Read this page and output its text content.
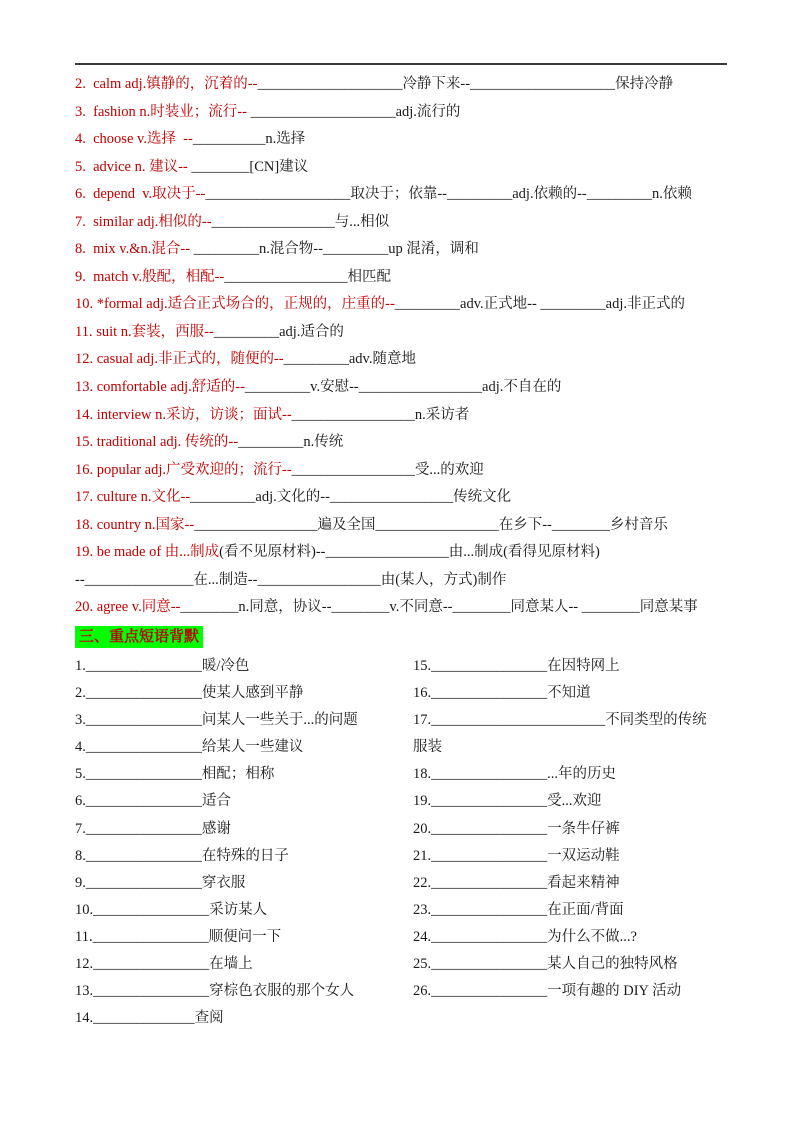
2.  calm adj.镇静的，沉着的--____________________冷静下来--____________________保持冷静
3.  fashion n.时装业；流行-- ____________________adj.流行的
4.  choose v.选择  --__________n.选择
5.  advice n. 建议-- ________[CN]建议
6.  depend  v.取决于--____________________取决于；依靠--_________adj.依赖的--_________n.依赖
7.  similar adj.相似的--_________________与...相似
8.  mix v.&n.混合-- _________n.混合物--_________up 混淆，调和
9.  match v.般配，相配--_________________相匹配
10. *formal adj.适合正式场合的，正规的，庄重的--_________adv.正式地-- _________adj.非正式的
11. suit n.套装，西服--_________adj.适合的
12. casual adj.非正式的，随便的--_________adv.随意地
13. comfortable adj.舒适的--_________v.安慰--_________________adj.不自在的
14. interview n.采访，访谈；面试--_________________n.采访者
15. traditional adj. 传统的--_________n.传统
16. popular adj.广受欢迎的；流行--_________________受...的欢迎
17. culture n.文化--_________adj.文化的--_________________传统文化
18. country n.国家--_________________遍及全国_________________在乡下--________乡村音乐
19. be made of 由...制成(看不见原材料)--_________________由...制成(看得见原材料)
--_______________在...制造--_________________由(某人，方式)制作
20. agree v.同意--________n.同意，协议--________v.不同意--________同意某人-- ________同意某事
三、重点短语背默
1.________________暖/冷色
2.________________使某人感到平静
3.________________问某人一些关于...的问题
4.________________给某人一些建议
5.________________相配；相称
6.________________适合
7.________________感谢
8.________________在特殊的日子
9.________________穿衣服
10.________________采访某人
11.________________顺便问一下
12.________________在墙上
13.________________穿棕色衣服的那个女人
14.______________查阅
15.________________在因特网上
16.________________不知道
17.________________________不同类型的传统
服装
18.________________...年的历史
19.________________受...欢迎
20.________________一条牛仔裤
21.________________一双运动鞋
22.________________看起来精神
23.________________在正面/背面
24.________________为什么不做...?
25.________________某人自己的独特风格
26.________________一项有趣的 DIY 活动
